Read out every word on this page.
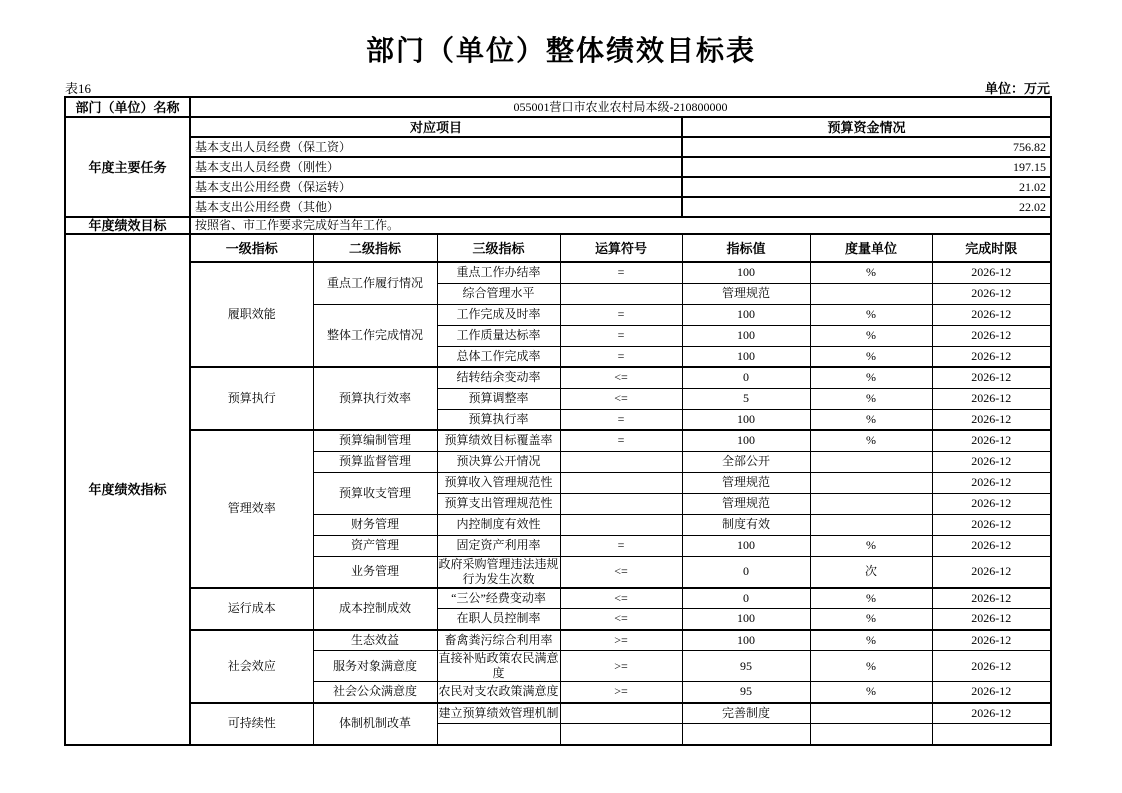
部门（单位）整体绩效目标表
表16	单位：万元
部门（单位）名称	055001营口市农业农村局本级-210800000						
年度主要任务	对应项目				预算资金情况		
	基本支出人员经费（保工资）				756.82		
	基本支出人员经费（刚性）				197.15		
	基本支出公用经费（保运转）				21.02		
	基本支出公用经费（其他）				22.02		
年度绩效目标	按照省、市工作要求完成好当年工作。						
年度绩效指标	一级指标	二级指标	三级指标	运算符号	指标值	度量单位	完成时限
	履职效能	重点工作履行情况	重点工作办结率	=	100	%	2026-12
			综合管理水平		管理规范		2026-12
		整体工作完成情况	工作完成及时率	=	100	%	2026-12
			工作质量达标率	=	100	%	2026-12
			总体工作完成率	=	100	%	2026-12
	预算执行	预算执行效率	结转结余变动率	<=	0	%	2026-12
			预算调整率	<=	5	%	2026-12
			预算执行率	=	100	%	2026-12
	管理效率	预算编制管理	预算绩效目标覆盖率	=	100	%	2026-12
		预算监督管理	预决算公开情况		全部公开		2026-12
		预算收支管理	预算收入管理规范性		管理规范		2026-12
			预算支出管理规范性		管理规范		2026-12
		财务管理	内控制度有效性		制度有效		2026-12
		资产管理	固定资产利用率	=	100	%	2026-12
		业务管理	政府采购管理违法违规行为发生次数	<=	0	次	2026-12
	运行成本	成本控制成效	“三公”经费变动率	<=	0	%	2026-12
			在职人员控制率	<=	100	%	2026-12
	社会效应	生态效益	畜禽粪污综合利用率	>=	100	%	2026-12
		服务对象满意度	直接补贴政策农民满意度	>=	95	%	2026-12
		社会公众满意度	农民对支农政策满意度	>=	95	%	2026-12
	可持续性	体制机制改革	建立预算绩效管理机制		完善制度		2026-12
